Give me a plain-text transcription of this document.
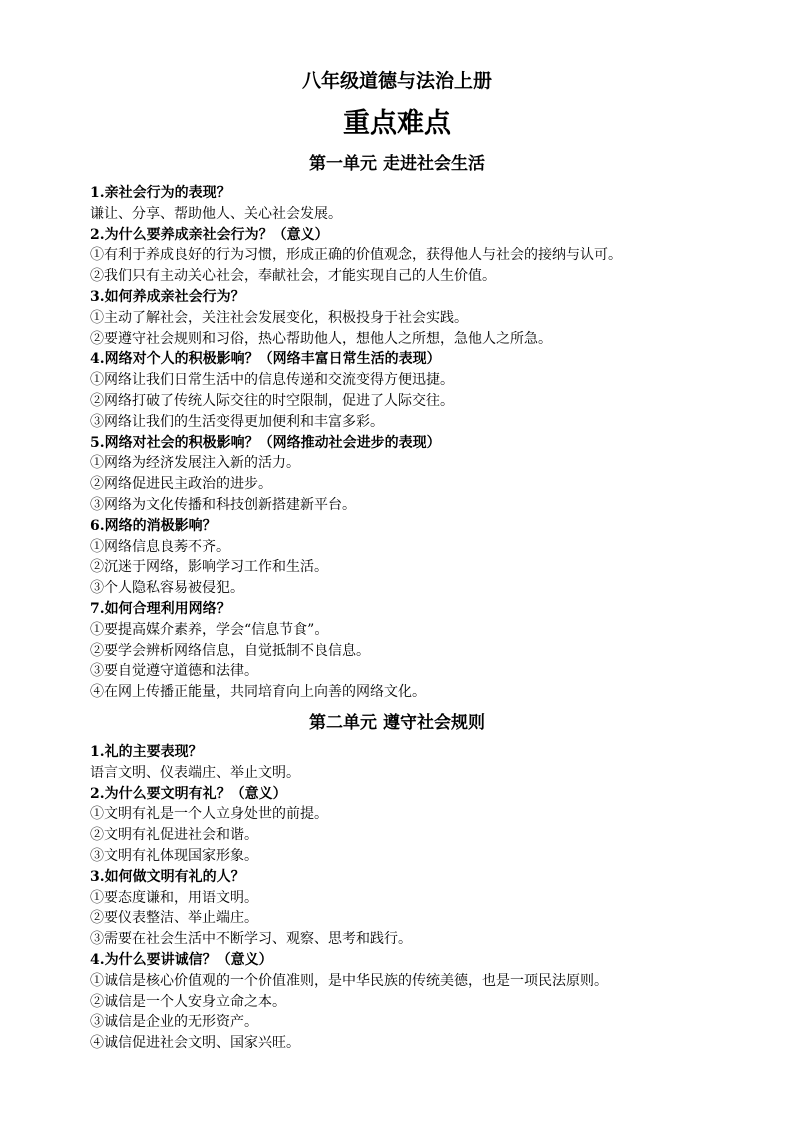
八年级道德与法治上册
重点难点
第一单元 走进社会生活
1.亲社会行为的表现？
谦让、分享、帮助他人、关心社会发展。
2.为什么要养成亲社会行为？（意义）
①有利于养成良好的行为习惯，形成正确的价值观念，获得他人与社会的接纳与认可。
②我们只有主动关心社会，奉献社会，才能实现自己的人生价值。
3.如何养成亲社会行为？
①主动了解社会，关注社会发展变化，积极投身于社会实践。
②要遵守社会规则和习俗，热心帮助他人，想他人之所想，急他人之所急。
4.网络对个人的积极影响？（网络丰富日常生活的表现）
①网络让我们日常生活中的信息传递和交流变得方便迅捷。
②网络打破了传统人际交往的时空限制，促进了人际交往。
③网络让我们的生活变得更加便利和丰富多彩。
5.网络对社会的积极影响？（网络推动社会进步的表现）
①网络为经济发展注入新的活力。
②网络促进民主政治的进步。
③网络为文化传播和科技创新搭建新平台。
6.网络的消极影响？
①网络信息良莠不齐。
②沉迷于网络，影响学习工作和生活。
③个人隐私容易被侵犯。
7.如何合理利用网络？
①要提高媒介素养，学会“信息节食”。
②要学会辨析网络信息，自觉抵制不良信息。
③要自觉遵守道德和法律。
④在网上传播正能量，共同培育向上向善的网络文化。
第二单元 遵守社会规则
1.礼的主要表现？
语言文明、仪表端庄、举止文明。
2.为什么要文明有礼？（意义）
①文明有礼是一个人立身处世的前提。
②文明有礼促进社会和谐。
③文明有礼体现国家形象。
3.如何做文明有礼的人？
①要态度谦和，用语文明。
②要仪表整洁、举止端庄。
③需要在社会生活中不断学习、观察、思考和践行。
4.为什么要讲诚信？（意义）
①诚信是核心价值观的一个价值准则，是中华民族的传统美德，也是一项民法原则。
②诚信是一个人安身立命之本。
③诚信是企业的无形资产。
④诚信促进社会文明、国家兴旺。
